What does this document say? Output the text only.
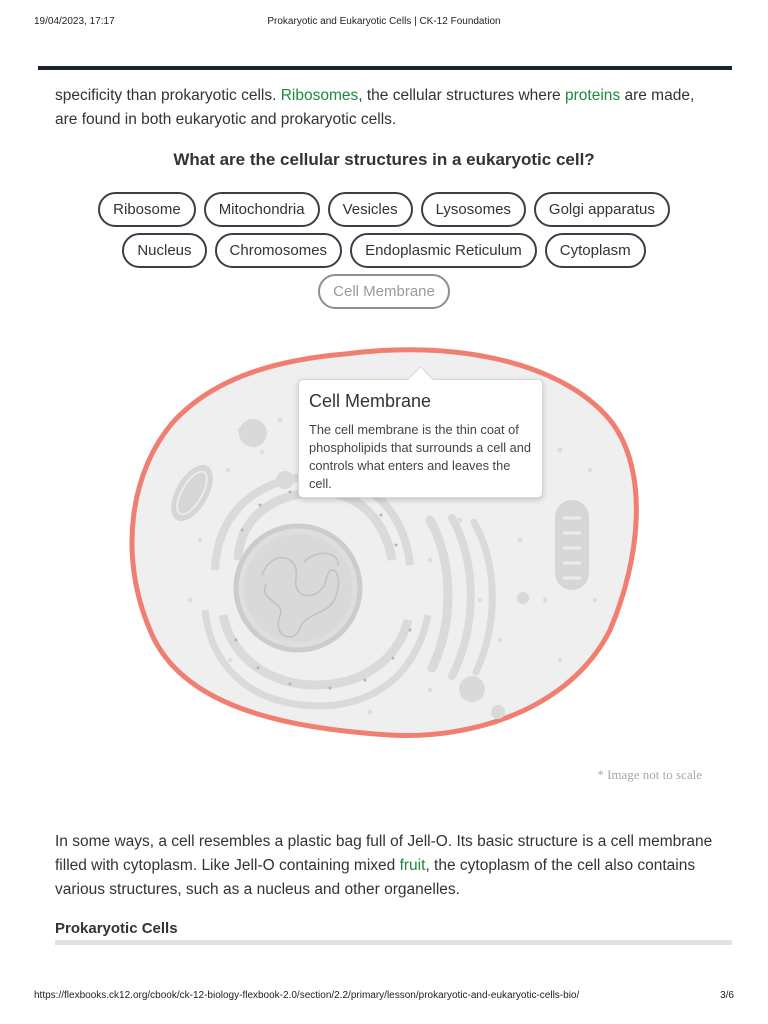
19/04/2023, 17:17	Prokaryotic and Eukaryotic Cells | CK-12 Foundation

specificity than prokaryotic cells. Ribosomes, the cellular structures where proteins are made, are found in both eukaryotic and prokaryotic cells.

What are the cellular structures in a eukaryotic cell?
Ribosome	Mitochondria	Vesicles	Lysosomes	Golgi apparatus
Nucleus	Chromosomes	Endoplasmic Reticulum	Cytoplasm
Cell Membrane
Cell Membrane
The cell membrane is the thin coat of phospholipids that surrounds a cell and controls what enters and leaves the cell.
* Image not to scale

In some ways, a cell resembles a plastic bag full of Jell-O. Its basic structure is a cell membrane filled with cytoplasm. Like Jell-O containing mixed fruit, the cytoplasm of the cell also contains various structures, such as a nucleus and other organelles.

Prokaryotic Cells
https://flexbooks.ck12.org/cbook/ck-12-biology-flexbook-2.0/section/2.2/primary/lesson/prokaryotic-and-eukaryotic-cells-bio/	3/6
